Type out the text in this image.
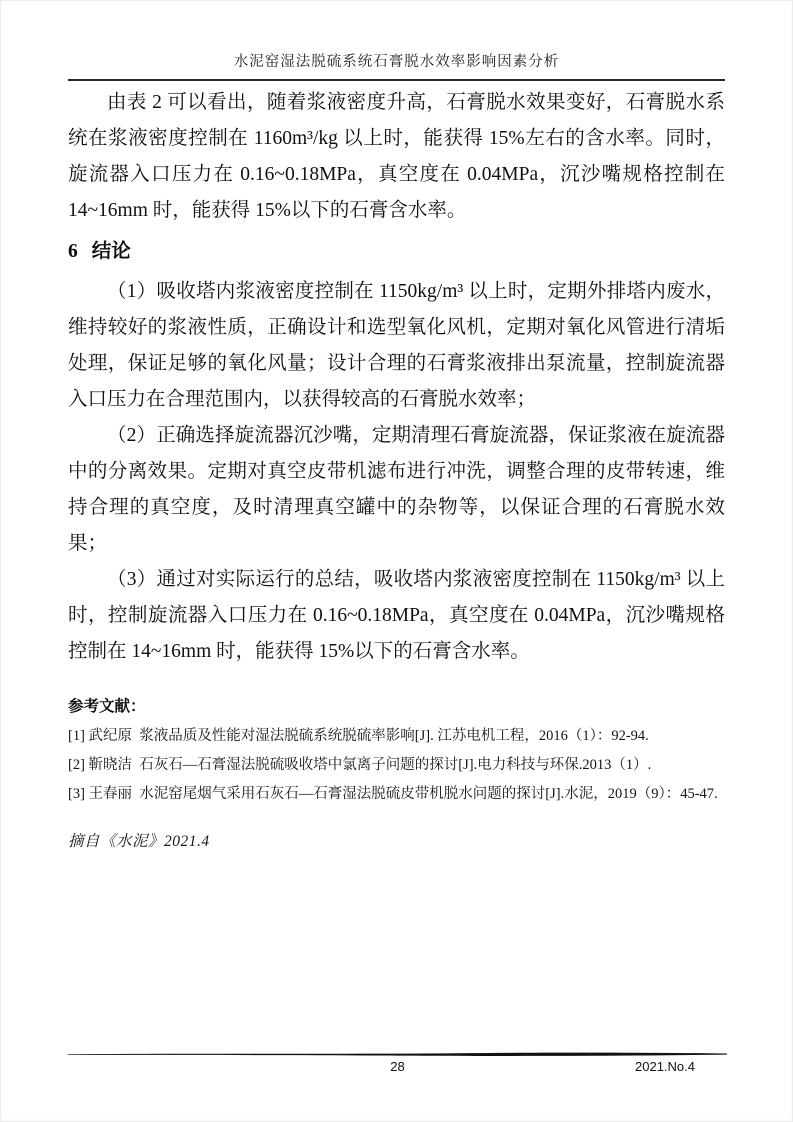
水泥窑湿法脱硫系统石膏脱水效率影响因素分析

由表 2 可以看出，随着浆液密度升高，石膏脱水效果变好，石膏脱水系统在浆液密度控制在 1160m³/kg 以上时，能获得 15%左右的含水率。同时，旋流器入口压力在 0.16~0.18MPa，真空度在 0.04MPa，沉沙嘴规格控制在 14~16mm 时，能获得 15%以下的石膏含水率。

6 结论

（1）吸收塔内浆液密度控制在 1150kg/m³ 以上时，定期外排塔内废水，维持较好的浆液性质，正确设计和选型氧化风机，定期对氧化风管进行清垢处理，保证足够的氧化风量；设计合理的石膏浆液排出泵流量，控制旋流器入口压力在合理范围内，以获得较高的石膏脱水效率；

（2）正确选择旋流器沉沙嘴，定期清理石膏旋流器，保证浆液在旋流器中的分离效果。定期对真空皮带机滤布进行冲洗，调整合理的皮带转速，维持合理的真空度，及时清理真空罐中的杂物等，以保证合理的石膏脱水效果；

（3）通过对实际运行的总结，吸收塔内浆液密度控制在 1150kg/m³ 以上时，控制旋流器入口压力在 0.16~0.18MPa，真空度在 0.04MPa，沉沙嘴规格控制在 14~16mm 时，能获得 15%以下的石膏含水率。

参考文献：

[1] 武纪原  浆液品质及性能对湿法脱硫系统脱硫率影响[J]. 江苏电机工程，2016（1）：92-94.

[2] 靳晓洁  石灰石—石膏湿法脱硫吸收塔中氯离子问题的探讨[J].电力科技与环保.2013（1）.

[3] 王春丽  水泥窑尾烟气采用石灰石—石膏湿法脱硫皮带机脱水问题的探讨[J].水泥，2019（9）：45-47.

摘自《水泥》2021.4

28	2021.No.4
